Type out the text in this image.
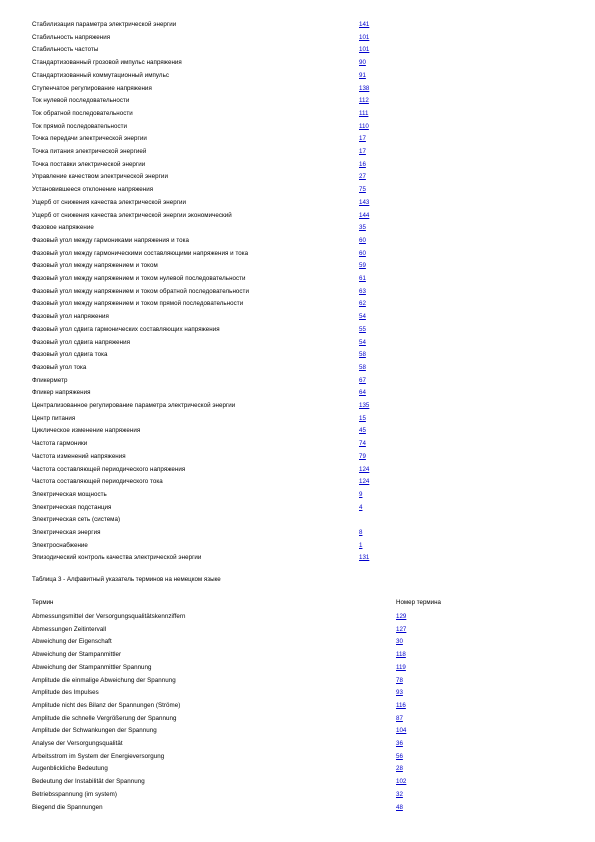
Стабилизация параметра электрической энергии	141
Стабильность напряжения	101
Стабильность частоты	101
Стандартизованный грозовой импульс напряжения	90
Стандартизованный коммутационный импульс	91
Ступенчатое регулирование напряжения	138
Ток нулевой последовательности	112
Ток обратной последовательности	111
Ток прямой последовательности	110
Точка передачи электрической энергии	17
Точка питания электрической энергией	17
Точка поставки электрической энергии	16
Управление качеством электрической энергии	27
Установившееся отклонение напряжения	75
Ущерб от снижения качества электрической энергии	143
Ущерб от снижения качества электрической энергии экономический	144
Фазовое напряжение	35
Фазовый угол между гармониками напряжения и тока	60
Фазовый угол между гармоническими составляющими напряжения и тока	60
Фазовый угол между напряжением и током	59
Фазовый угол между напряжением и током нулевой последовательности	61
Фазовый угол между напряжением и током обратной последовательности	63
Фазовый угол между напряжением и током прямой последовательности	62
Фазовый угол напряжения	54
Фазовый угол сдвига гармонических составляющих напряжения	55
Фазовый угол сдвига напряжения	54
Фазовый угол сдвига тока	58
Фазовый угол тока	58
Фликерметр	67
Фликер напряжения	64
Централизованное регулирование параметра электрической энергии	135
Центр питания	15
Циклическое изменение напряжения	45
Частота гармоники	74
Частота изменений напряжения	79
Частота составляющей периодического напряжения	124
Частота составляющей периодического тока	124
Электрическая мощность	9
Электрическая подстанция	4
Электрическая сеть (система)
Электрическая энергия	8
Электроснабжение	1
Эпизодический контроль качества электрической энергии	131
Таблица 3 - Алфавитный указатель терминов на немецком языке
Термин	Номер термина
Abmessungsmittel der Versorgungsqualitätskennziffern	129
Abmessungen Zeitintervall	127
Abweichung der Eigenschaft	30
Abweichung der Stampanmittler	118
Abweichung der Stampanmittler Spannung	119
Amplitude die einmalige Abweichung der Spannung	78
Amplitude des Impulses	93
Amplitude nicht des Bilanz der Spannungen (Ströme)	116
Amplitude die schnelle Vergrößerung der Spannung	87
Amplitude der Schwankungen der Spannung	104
Analyse der Versorgungsqualität	36
Arbeitsstrom im System der Energieversorgung	56
Augenblickliche Bedeutung	28
Bedeutung der Instabilität der Spannung	102
Betriebsspannung (im system)	32
Biegend die Spannungen	48
